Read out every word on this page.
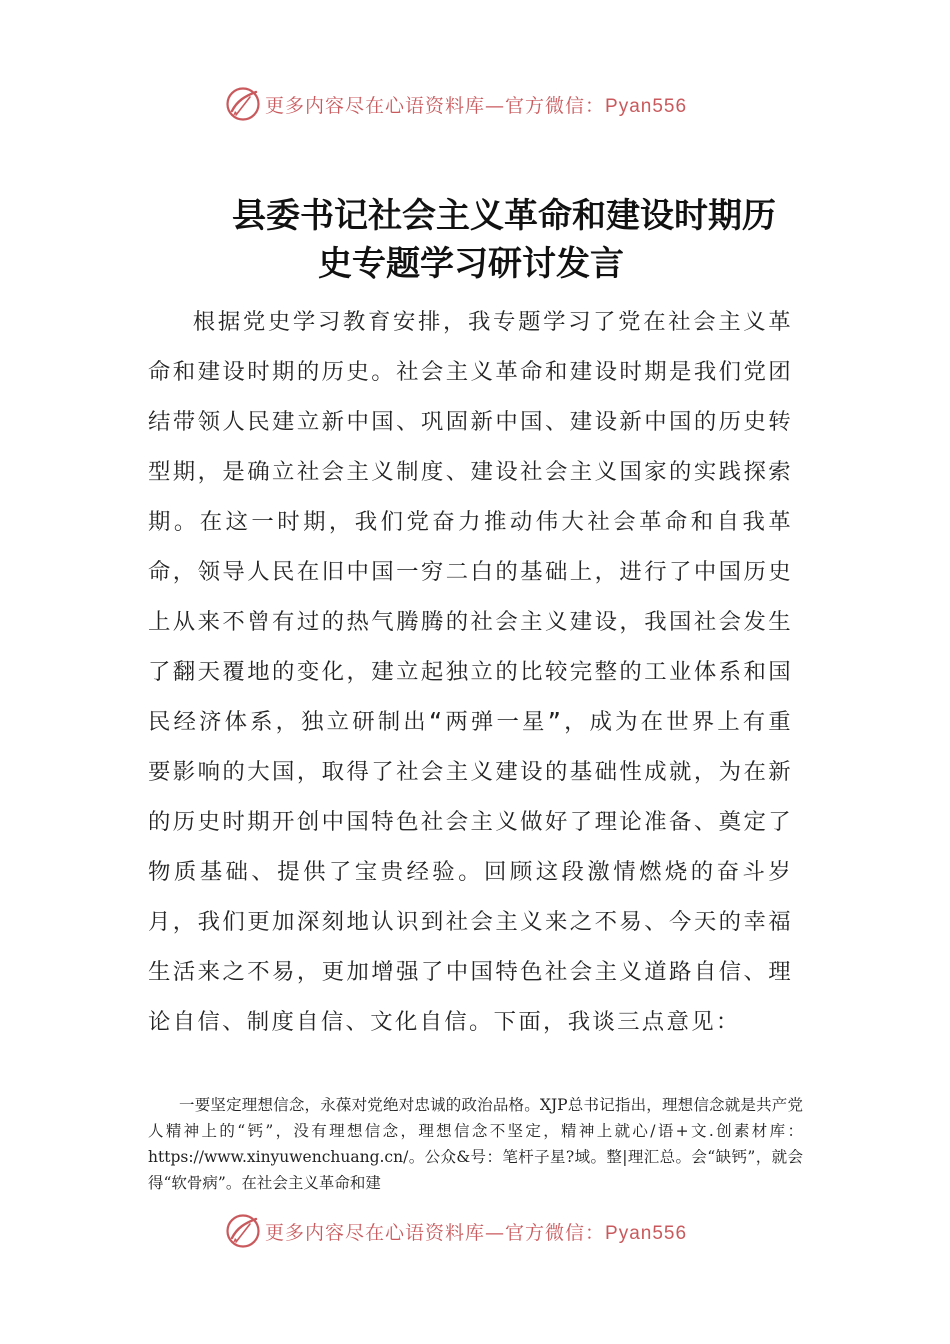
更多内容尽在心语资料库—官方微信：Pyan556
县委书记社会主义革命和建设时期历
史专题学习研讨发言

根据党史学习教育安排，我专题学习了党在社会主义革命和建设时期的历史。社会主义革命和建设时期是我们党团结带领人民建立新中国、巩固新中国、建设新中国的历史转型期，是确立社会主义制度、建设社会主义国家的实践探索期。在这一时期，我们党奋力推动伟大社会革命和自我革命，领导人民在旧中国一穷二白的基础上，进行了中国历史上从来不曾有过的热气腾腾的社会主义建设，我国社会发生了翻天覆地的变化，建立起独立的比较完整的工业体系和国民经济体系，独立研制出“两弹一星”，成为在世界上有重要影响的大国，取得了社会主义建设的基础性成就，为在新的历史时期开创中国特色社会主义做好了理论准备、奠定了物质基础、提供了宝贵经验。回顾这段激情燃烧的奋斗岁月，我们更加深刻地认识到社会主义来之不易、今天的幸福生活来之不易，更加增强了中国特色社会主义道路自信、理论自信、制度自信、文化自信。下面，我谈三点意见：

一要坚定理想信念，永葆对党绝对忠诚的政治品格。XJP总书记指出，理想信念就是共产党人精神上的“钙”，没有理想信念，理想信念不坚定，精神上就心/语+文.创素材库：https://www.xinyuwenchuang.cn/。公众&号：笔杆子星?域。整|理汇总。会“缺钙”，就会得“软骨病”。在社会主义革命和建

更多内容尽在心语资料库—官方微信：Pyan556
